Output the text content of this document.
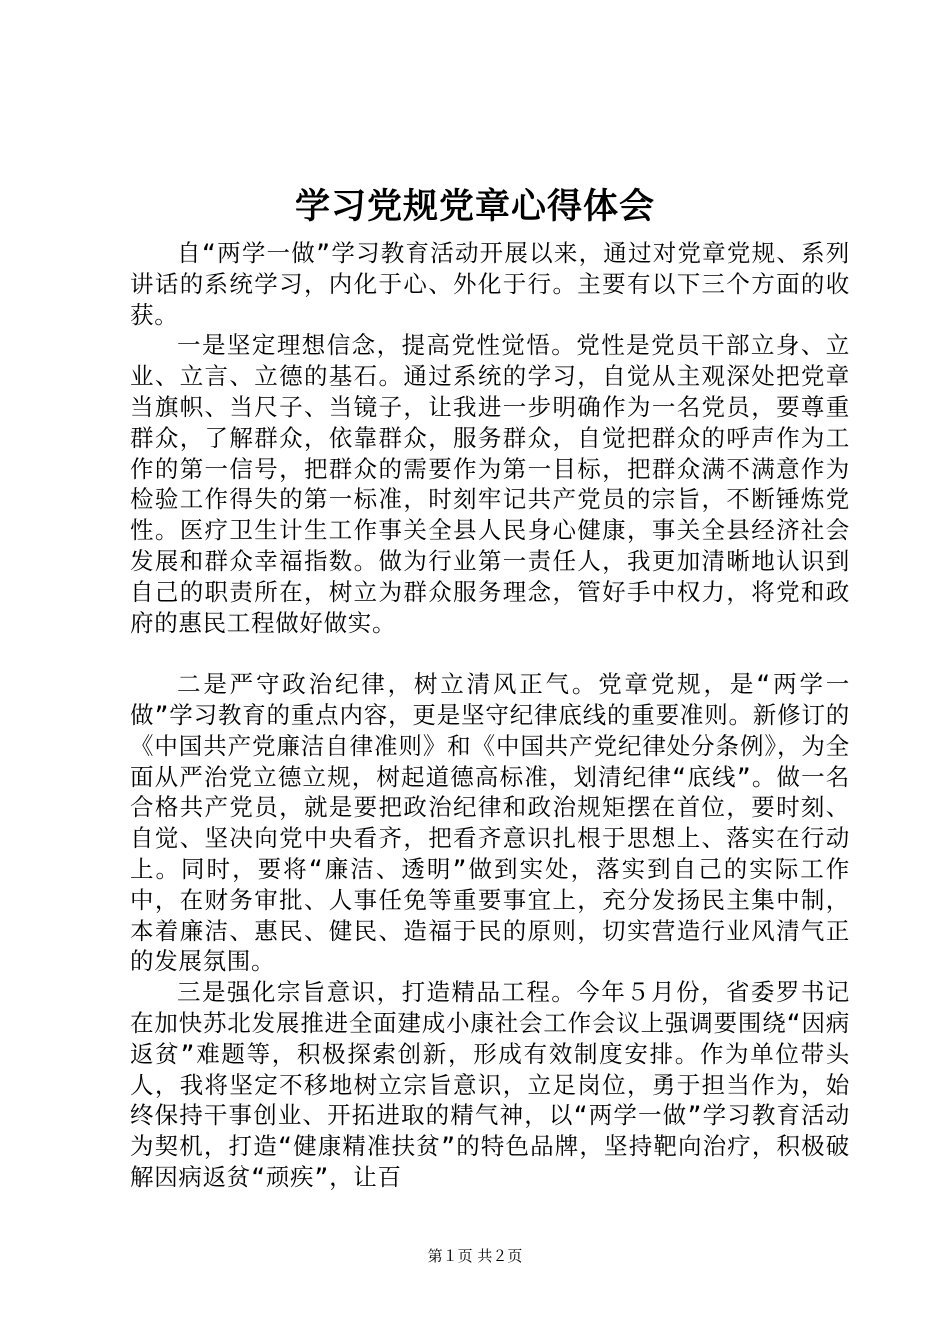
学习党规党章心得体会

自“两学一做”学习教育活动开展以来，通过对党章党规、系列讲话的系统学习，内化于心、外化于行。主要有以下三个方面的收获。

一是坚定理想信念，提高党性觉悟。党性是党员干部立身、立业、立言、立德的基石。通过系统的学习，自觉从主观深处把党章当旗帜、当尺子、当镜子，让我进一步明确作为一名党员，要尊重群众，了解群众，依靠群众，服务群众，自觉把群众的呼声作为工作的第一信号，把群众的需要作为第一目标，把群众满不满意作为检验工作得失的第一标准，时刻牢记共产党员的宗旨，不断锤炼党性。医疗卫生计生工作事关全县人民身心健康，事关全县经济社会发展和群众幸福指数。做为行业第一责任人，我更加清晰地认识到自己的职责所在，树立为群众服务理念，管好手中权力，将党和政府的惠民工程做好做实。

二是严守政治纪律，树立清风正气。党章党规，是“两学一做”学习教育的重点内容，更是坚守纪律底线的重要准则。新修订的《中国共产党廉洁自律准则》和《中国共产党纪律处分条例》，为全面从严治党立德立规，树起道德高标准，划清纪律“底线”。做一名合格共产党员，就是要把政治纪律和政治规矩摆在首位，要时刻、自觉、坚决向党中央看齐，把看齐意识扎根于思想上、落实在行动上。同时，要将“廉洁、透明”做到实处，落实到自己的实际工作中，在财务审批、人事任免等重要事宜上，充分发扬民主集中制，本着廉洁、惠民、健民、造福于民的原则，切实营造行业风清气正的发展氛围。

三是强化宗旨意识，打造精品工程。今年５月份，省委罗书记在加快苏北发展推进全面建成小康社会工作会议上强调要围绕“因病返贫”难题等，积极探索创新，形成有效制度安排。作为单位带头人，我将坚定不移地树立宗旨意识，立足岗位，勇于担当作为，始终保持干事创业、开拓进取的精气神，以“两学一做”学习教育活动为契机，打造“健康精准扶贫”的特色品牌，坚持靶向治疗，积极破解因病返贫“顽疾”，让百

第１页 共２页
